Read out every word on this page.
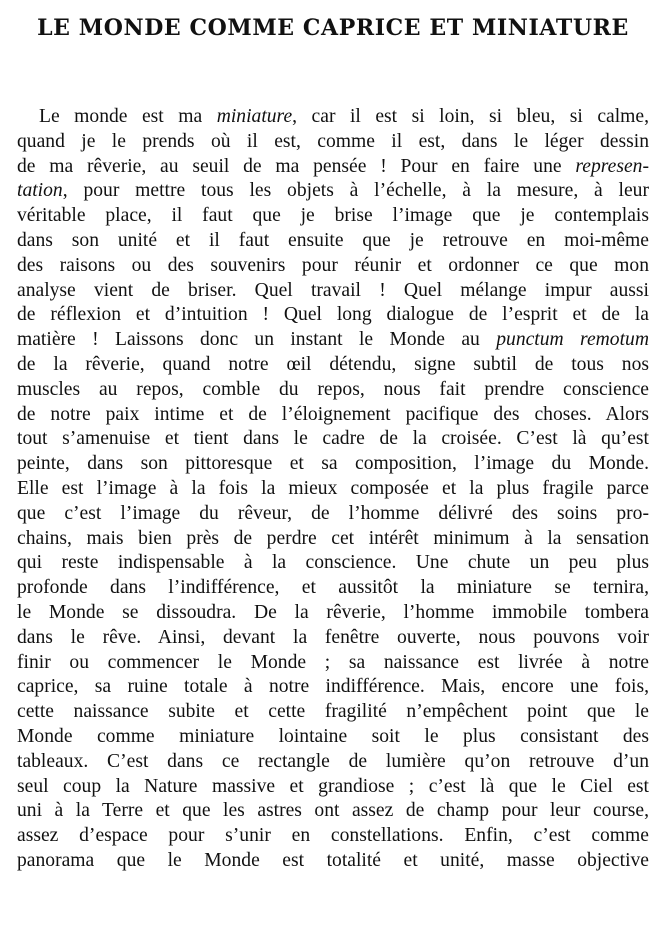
LE MONDE COMME CAPRICE ET MINIATURE
Le monde est ma miniature, car il est si loin, si bleu, si calme,
quand je le prends où il est, comme il est, dans le léger dessin
de ma rêverie, au seuil de ma pensée ! Pour en faire une represen-
tation, pour mettre tous les objets à l’échelle, à la mesure, à leur
véritable place, il faut que je brise l’image que je contemplais
dans son unité et il faut ensuite que je retrouve en moi-même
des raisons ou des souvenirs pour réunir et ordonner ce que mon
analyse vient de briser. Quel travail ! Quel mélange impur aussi
de réflexion et d’intuition ! Quel long dialogue de l’esprit et de la
matière ! Laissons donc un instant le Monde au punctum remotum
de la rêverie, quand notre œil détendu, signe subtil de tous nos
muscles au repos, comble du repos, nous fait prendre conscience
de notre paix intime et de l’éloignement pacifique des choses. Alors
tout s’amenuise et tient dans le cadre de la croisée. C’est là qu’est
peinte, dans son pittoresque et sa composition, l’image du Monde.
Elle est l’image à la fois la mieux composée et la plus fragile parce
que c’est l’image du rêveur, de l’homme délivré des soins pro-
chains, mais bien près de perdre cet intérêt minimum à la sensation
qui reste indispensable à la conscience. Une chute un peu plus
profonde dans l’indifférence, et aussitôt la miniature se ternira,
le Monde se dissoudra. De la rêverie, l’homme immobile tombera
dans le rêve. Ainsi, devant la fenêtre ouverte, nous pouvons voir
finir ou commencer le Monde ; sa naissance est livrée à notre
caprice, sa ruine totale à notre indifférence. Mais, encore une fois,
cette naissance subite et cette fragilité n’empêchent point que le
Monde comme miniature lointaine soit le plus consistant des
tableaux. C’est dans ce rectangle de lumière qu’on retrouve d’un
seul coup la Nature massive et grandiose ; c’est là que le Ciel est
uni à la Terre et que les astres ont assez de champ pour leur course,
assez d’espace pour s’unir en constellations. Enfin, c’est comme
panorama que le Monde est totalité et unité, masse objective
